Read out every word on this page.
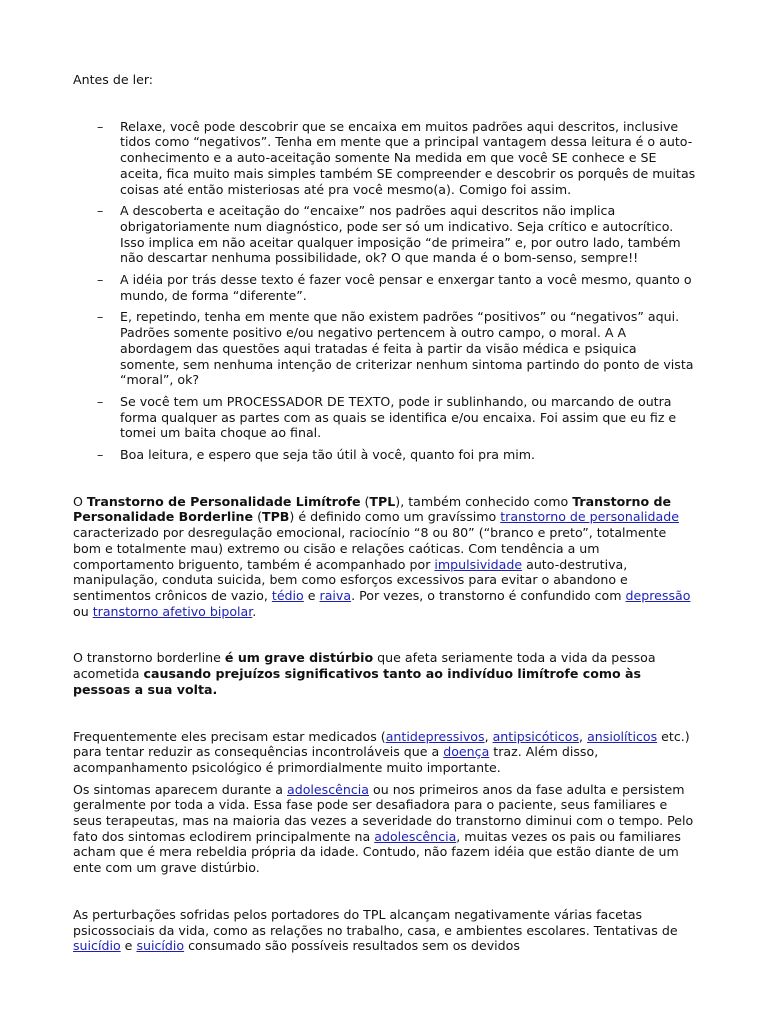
Antes de ler:

– Relaxe, você pode descobrir que se encaixa em muitos padrões aqui descritos, inclusive tidos como “negativos”. Tenha em mente que a principal vantagem dessa leitura é o auto-conhecimento e a auto-aceitação somente Na medida em que você SE conhece e SE aceita, fica muito mais simples também SE compreender e descobrir os porquês de muitas coisas até então misteriosas até pra você mesmo(a). Comigo foi assim.
– A descoberta e aceitação do “encaixe” nos padrões aqui descritos não implica obrigatoriamente num diagnóstico, pode ser só um indicativo. Seja crítico e autocrítico. Isso implica em não aceitar qualquer imposição “de primeira” e, por outro lado, também não descartar nenhuma possibilidade, ok? O que manda é o bom-senso, sempre!!
– A idéia por trás desse texto é fazer você pensar e enxergar tanto a você mesmo, quanto o mundo, de forma “diferente”.
– E, repetindo, tenha em mente que não existem padrões “positivos” ou “negativos” aqui. Padrões somente positivo e/ou negativo pertencem à outro campo, o moral. A A abordagem das questões aqui tratadas é feita à partir da visão médica e psiquica somente, sem nenhuma intenção de criterizar nenhum sintoma partindo do ponto de vista “moral”, ok?
– Se você tem um PROCESSADOR DE TEXTO, pode ir sublinhando, ou marcando de outra forma qualquer as partes com as quais se identifica e/ou encaixa. Foi assim que eu fiz e tomei um baita choque ao final.
– Boa leitura, e espero que seja tão útil à você, quanto foi pra mim.

O Transtorno de Personalidade Limítrofe (TPL), também conhecido como Transtorno de Personalidade Borderline (TPB) é definido como um gravíssimo transtorno de personalidade caracterizado por desregulação emocional, raciocínio “8 ou 80” (“branco e preto”, totalmente bom e totalmente mau) extremo ou cisão e relações caóticas. Com tendência a um comportamento briguento, também é acompanhado por impulsividade auto-destrutiva, manipulação, conduta suicida, bem como esforços excessivos para evitar o abandono e sentimentos crônicos de vazio, tédio e raiva. Por vezes, o transtorno é confundido com depressão ou transtorno afetivo bipolar.

O transtorno borderline é um grave distúrbio que afeta seriamente toda a vida da pessoa acometida causando prejuízos significativos tanto ao indivíduo limítrofe como às pessoas a sua volta.

Frequentemente eles precisam estar medicados (antidepressivos, antipsicóticos, ansiolíticos etc.) para tentar reduzir as consequências incontroláveis que a doença traz. Além disso, acompanhamento psicológico é primordialmente muito importante.

Os sintomas aparecem durante a adolescência ou nos primeiros anos da fase adulta e persistem geralmente por toda a vida. Essa fase pode ser desafiadora para o paciente, seus familiares e seus terapeutas, mas na maioria das vezes a severidade do transtorno diminui com o tempo. Pelo fato dos sintomas eclodirem principalmente na adolescência, muitas vezes os pais ou familiares acham que é mera rebeldia própria da idade. Contudo, não fazem idéia que estão diante de um ente com um grave distúrbio.

As perturbações sofridas pelos portadores do TPL alcançam negativamente várias facetas psicossociais da vida, como as relações no trabalho, casa, e ambientes escolares. Tentativas de suicídio e suicídio consumado são possíveis resultados sem os devidos
